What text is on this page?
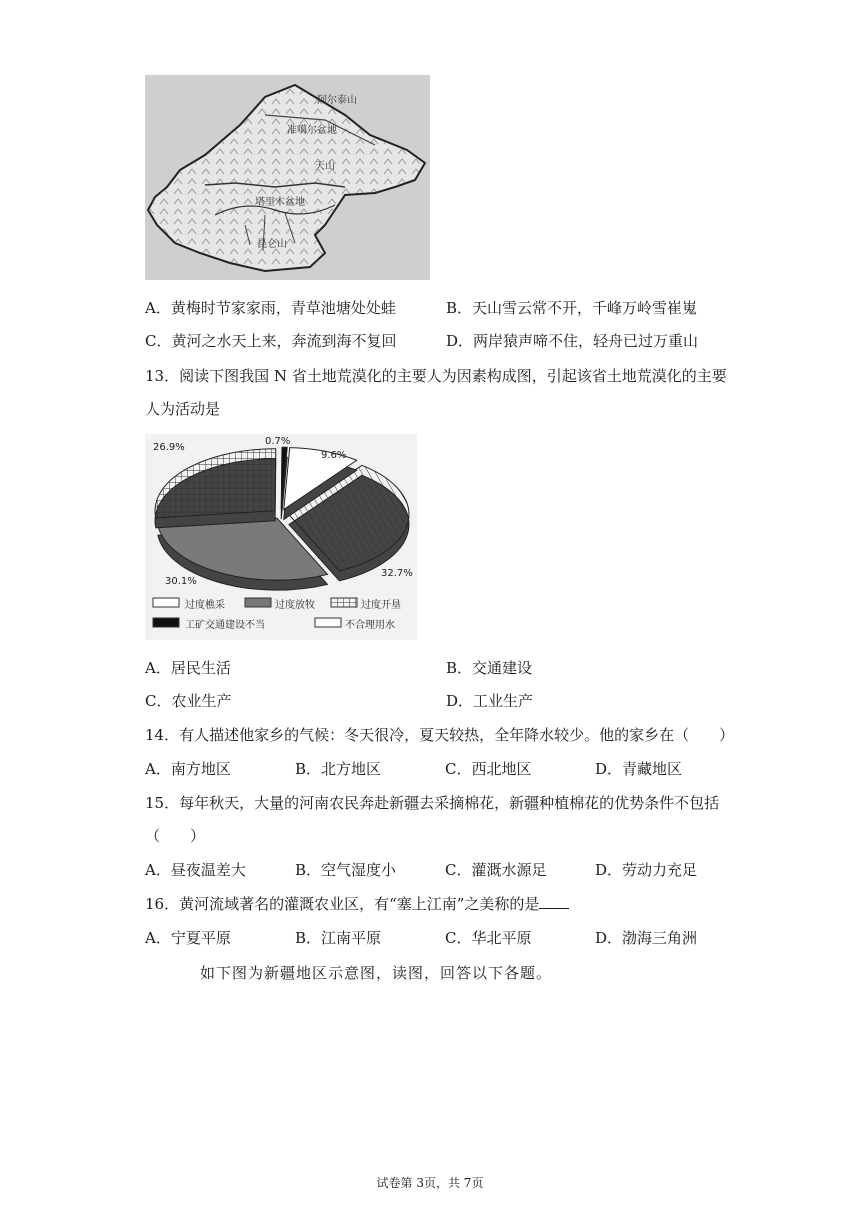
阿尔泰山
准噶尔盆地
天山
塔里木盆地
昆仑山
A．黄梅时节家家雨，青草池塘处处蛙	B．天山雪云常不开，千峰万岭雪崔嵬
C．黄河之水天上来，奔流到海不复回	D．两岸猿声啼不住，轻舟已过万重山
13．阅读下图我国 N 省土地荒漠化的主要人为因素构成图，引起该省土地荒漠化的主要
人为活动是
26.9%
0.7%
9.6%
32.7%
30.1%
过度樵采	过度放牧	过度开垦
工矿交通建设不当	不合理用水
A．居民生活	B．交通建设
C．农业生产	D．工业生产
14．有人描述他家乡的气候：冬天很冷，夏天较热，全年降水较少。他的家乡在（　　）
A．南方地区	B．北方地区	C．西北地区	D．青藏地区
15．每年秋天，大量的河南农民奔赴新疆去采摘棉花，新疆种植棉花的优势条件不包括
（　　）
A．昼夜温差大	B．空气湿度小	C．灌溉水源足	D．劳动力充足
16．黄河流域著名的灌溉农业区，有“塞上江南”之美称的是
A．宁夏平原	B．江南平原	C．华北平原	D．渤海三角洲
如下图为新疆地区示意图，读图，回答以下各题。
试卷第 3页，共 7页
